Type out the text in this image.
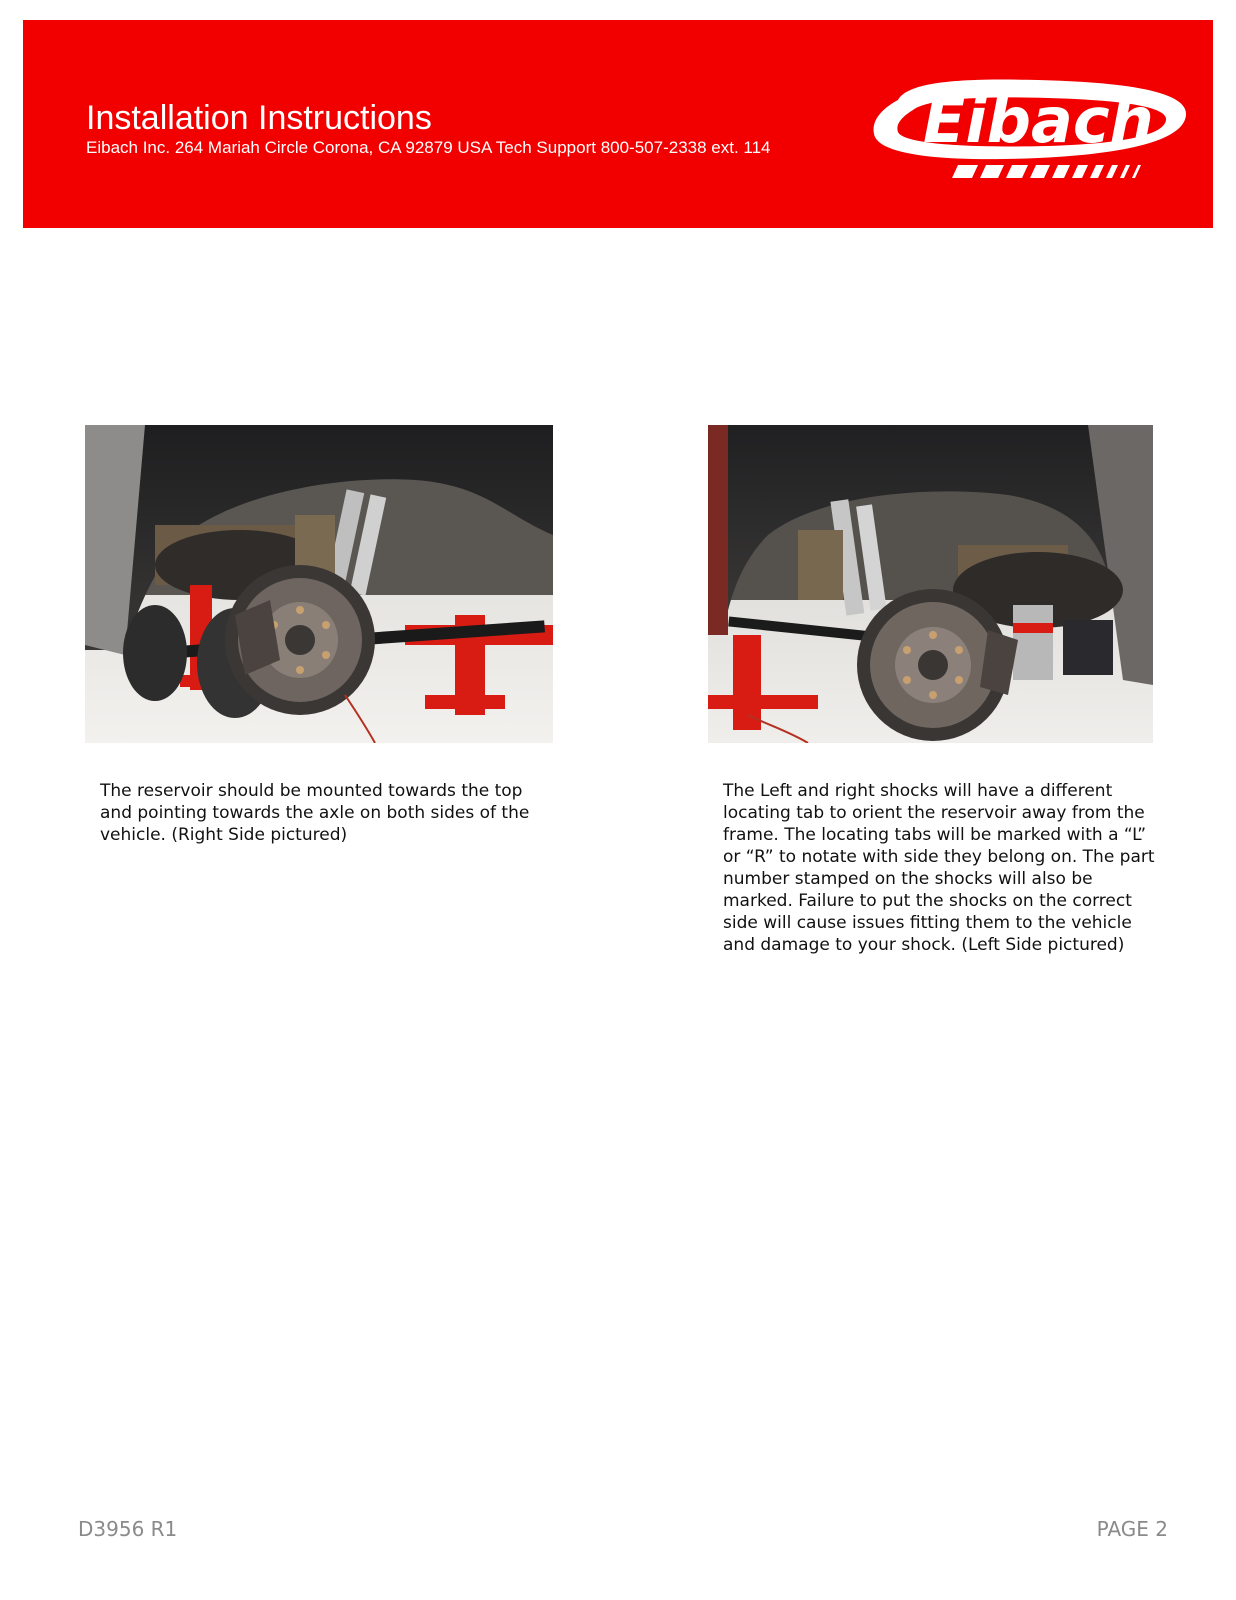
Installation Instructions
Eibach Inc. 264 Mariah Circle Corona, CA 92879 USA Tech Support 800-507-2338 ext. 114 Eibach
The reservoir should be mounted towards the top and pointing towards the axle on both sides of the vehicle. (Right Side pictured)
The Left and right shocks will have a different locating tab to orient the reservoir away from the frame. The locating tabs will be marked with a “L” or “R” to notate with side they belong on. The part number stamped on the shocks will also be marked. Failure to put the shocks on the correct side will cause issues fitting them to the vehicle and damage to your shock. (Left Side pictured)
D3956 R1	PAGE 2
